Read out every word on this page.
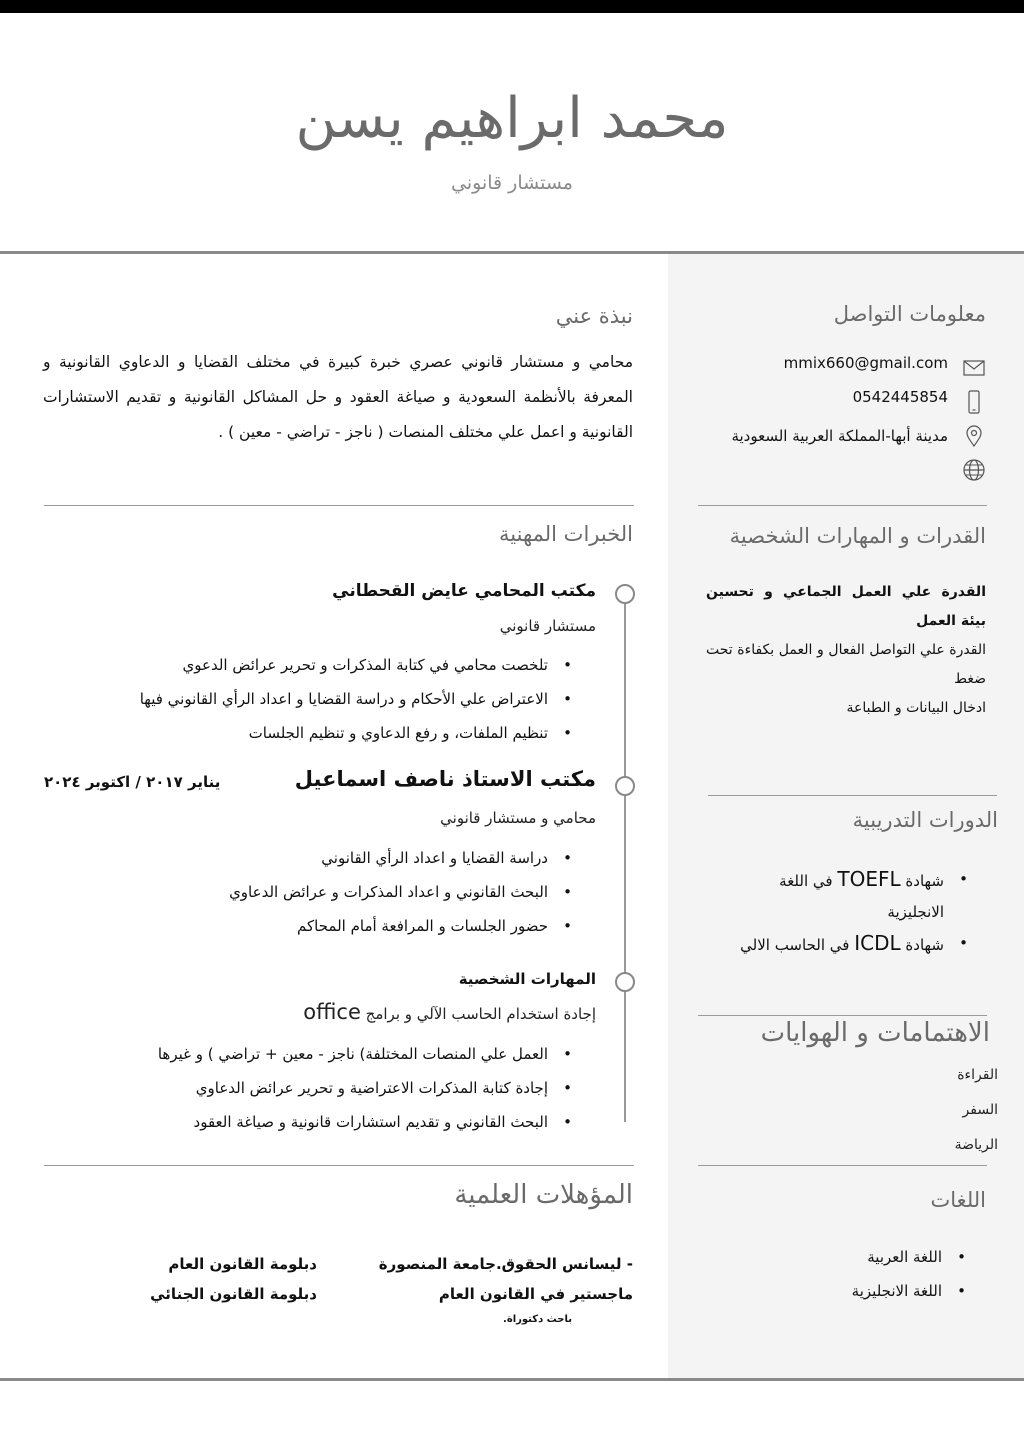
محمد ابراهيم يسن
مستشار قانوني
معلومات التواصل
mmix660@gmail.com
0542445854
مدينة أبها-المملكة العربية السعودية
القدرات و المهارات الشخصية
القدرة علي العمل الجماعي و تحسين بيئة العمل
القدرة علي التواصل الفعال و العمل بكفاءة تحت ضغط
ادخال البيانات و الطباعة
الدورات التدريبية
• شهادة TOEFL في اللغة الانجليزية
• شهادة ICDL في الحاسب الالي
الاهتمامات و الهوايات
القراءة
السفر
الرياضة
اللغات
• اللغة العربية
• اللغة الانجليزية
نبذة عني
محامي و مستشار قانوني عصري خبرة كبيرة في مختلف القضايا و الدعاوي القانونية و المعرفة بالأنظمة السعودية و صياغة العقود و حل المشاكل القانونية و تقديم الاستشارات القانونية و اعمل علي مختلف المنصات ( ناجز - تراضي - معين ) .
الخبرات المهنية
مكتب المحامي عايض القحطاني
مستشار قانوني
• تلخصت محامي في كتابة المذكرات و تحرير عرائض الدعوي
• الاعتراض علي الأحكام و دراسة القضايا و اعداد الرأي القانوني فيها
• تنظيم الملفات، و رفع الدعاوي و تنظيم الجلسات
مكتب الاستاذ ناصف اسماعيل
يناير ٢٠١٧ / اكتوبر ٢٠٢٤
محامي و مستشار قانوني
• دراسة القضايا و اعداد الرأي القانوني
• البحث القانوني و اعداد المذكرات و عرائض الدعاوي
• حضور الجلسات و المرافعة أمام المحاكم
المهارات الشخصية
إجادة استخدام الحاسب الآلي و برامج office
• العمل علي المنصات المختلفة) ناجز - معين + تراضي ) و غيرها
• إجادة كتابة المذكرات الاعتراضية و تحرير عرائض الدعاوي
• البحث القانوني و تقديم استشارات قانونية و صياغة العقود
المؤهلات العلمية
- ليسانس الحقوق.جامعة المنصورة
ماجستير في القانون العام
باحث دكتوراة.
دبلومة القانون العام
دبلومة القانون الجنائي
